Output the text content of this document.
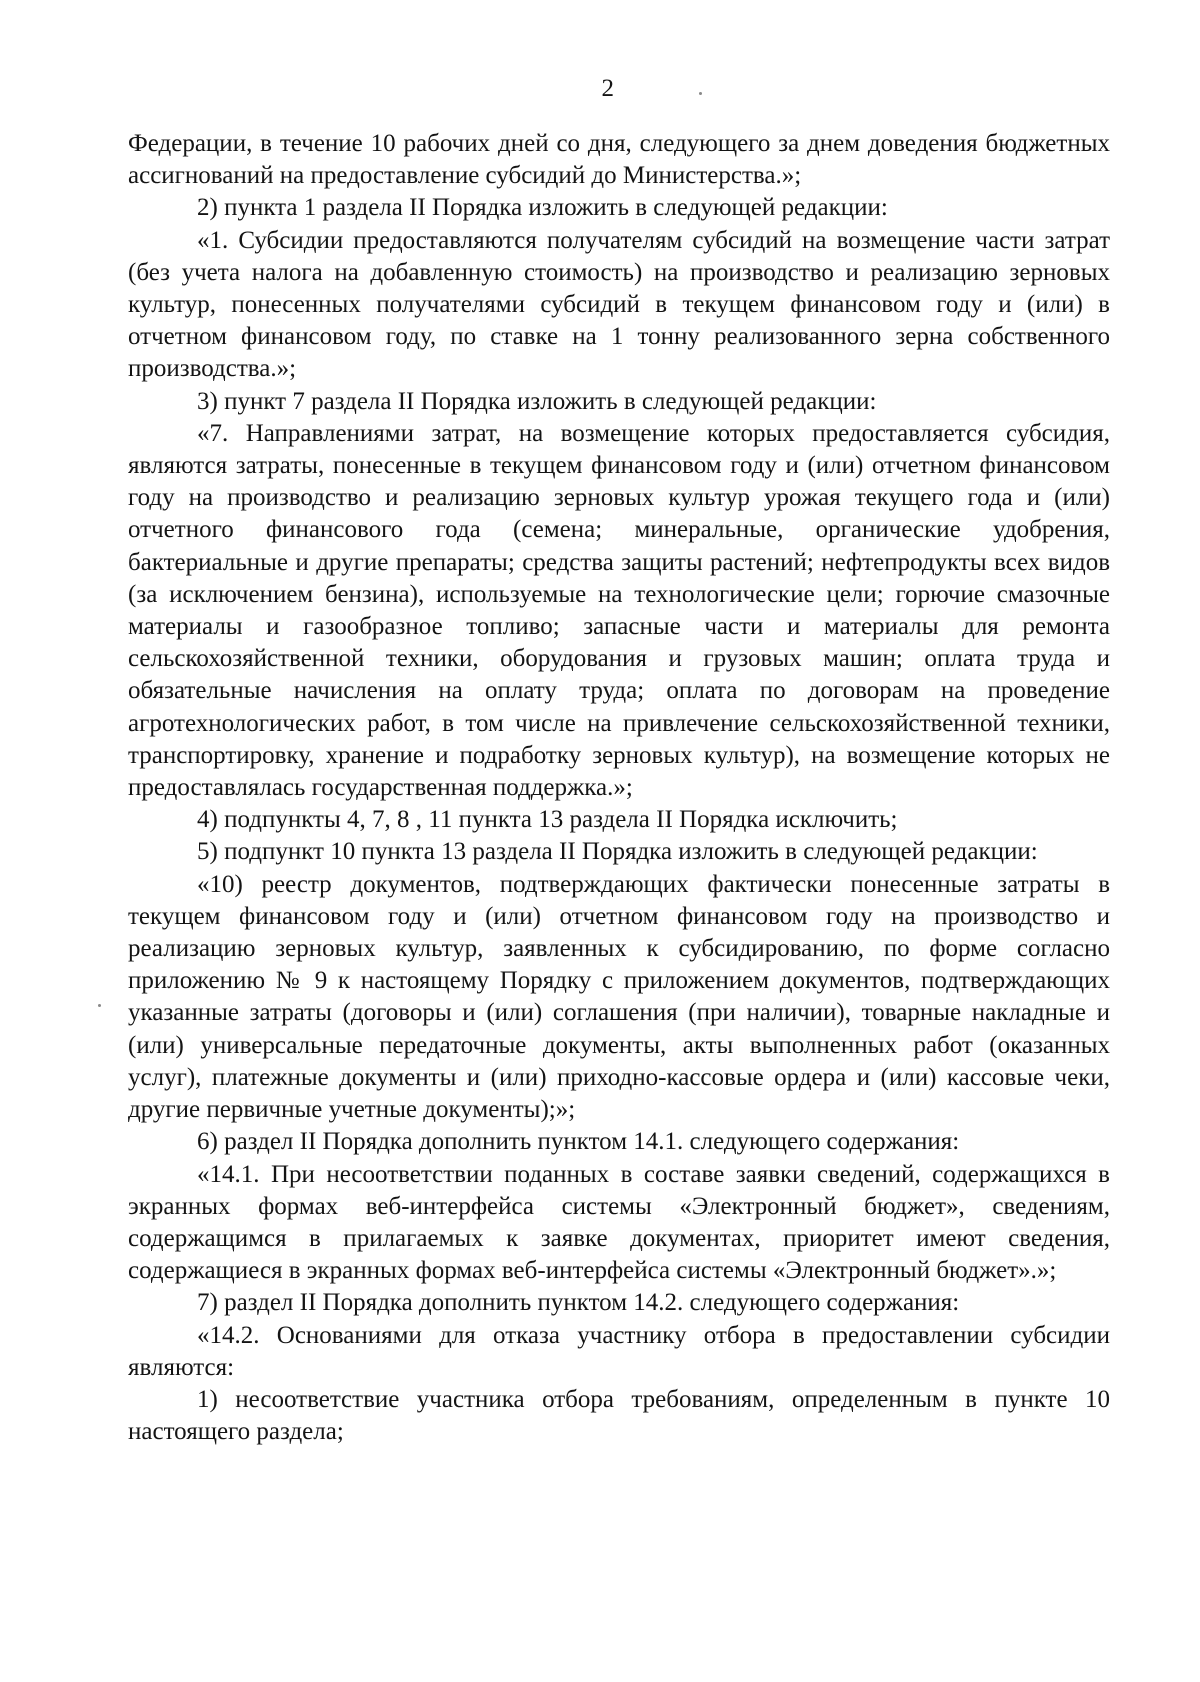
2

Федерации, в течение 10 рабочих дней со дня, следующего за днем доведения бюджетных ассигнований на предоставление субсидий до Министерства.»;

2) пункта 1 раздела II Порядка изложить в следующей редакции:

«1. Субсидии предоставляются получателям субсидий на возмещение части затрат (без учета налога на добавленную стоимость) на производство и реализацию зерновых культур, понесенных получателями субсидий в текущем финансовом году и (или) в отчетном финансовом году, по ставке на 1 тонну реализованного зерна собственного производства.»;

3) пункт 7 раздела II Порядка изложить в следующей редакции:

«7. Направлениями затрат, на возмещение которых предоставляется субсидия, являются затраты, понесенные в текущем финансовом году и (или) отчетном финансовом году на производство и реализацию зерновых культур урожая текущего года и (или) отчетного финансового года (семена; минеральные, органические удобрения, бактериальные и другие препараты; средства защиты растений; нефтепродукты всех видов (за исключением бензина), используемые на технологические цели; горючие смазочные материалы и газообразное топливо; запасные части и материалы для ремонта сельскохозяйственной техники, оборудования и грузовых машин; оплата труда и обязательные начисления на оплату труда; оплата по договорам на проведение агротехнологических работ, в том числе на привлечение сельскохозяйственной техники, транспортировку, хранение и подработку зерновых культур), на возмещение которых не предоставлялась государственная поддержка.»;

4) подпункты 4, 7, 8 , 11 пункта 13 раздела II Порядка исключить;

5) подпункт 10 пункта 13 раздела II Порядка изложить в следующей редакции:

«10) реестр документов, подтверждающих фактически понесенные затраты в текущем финансовом году и (или) отчетном финансовом году на производство и реализацию зерновых культур, заявленных к субсидированию, по форме согласно приложению № 9 к настоящему Порядку с приложением документов, подтверждающих указанные затраты (договоры и (или) соглашения (при наличии), товарные накладные и (или) универсальные передаточные документы, акты выполненных работ (оказанных услуг), платежные документы и (или) приходно-кассовые ордера и (или) кассовые чеки, другие первичные учетные документы);»;

6) раздел II Порядка дополнить пунктом 14.1. следующего содержания:

«14.1. При несоответствии поданных в составе заявки сведений, содержащихся в экранных формах веб-интерфейса системы «Электронный бюджет», сведениям, содержащимся в прилагаемых к заявке документах, приоритет имеют сведения, содержащиеся в экранных формах веб-интерфейса системы «Электронный бюджет».»;

7) раздел II Порядка дополнить пунктом 14.2. следующего содержания:

«14.2. Основаниями для отказа участнику отбора в предоставлении субсидии являются:

1) несоответствие участника отбора требованиям, определенным в пункте 10 настоящего раздела;
